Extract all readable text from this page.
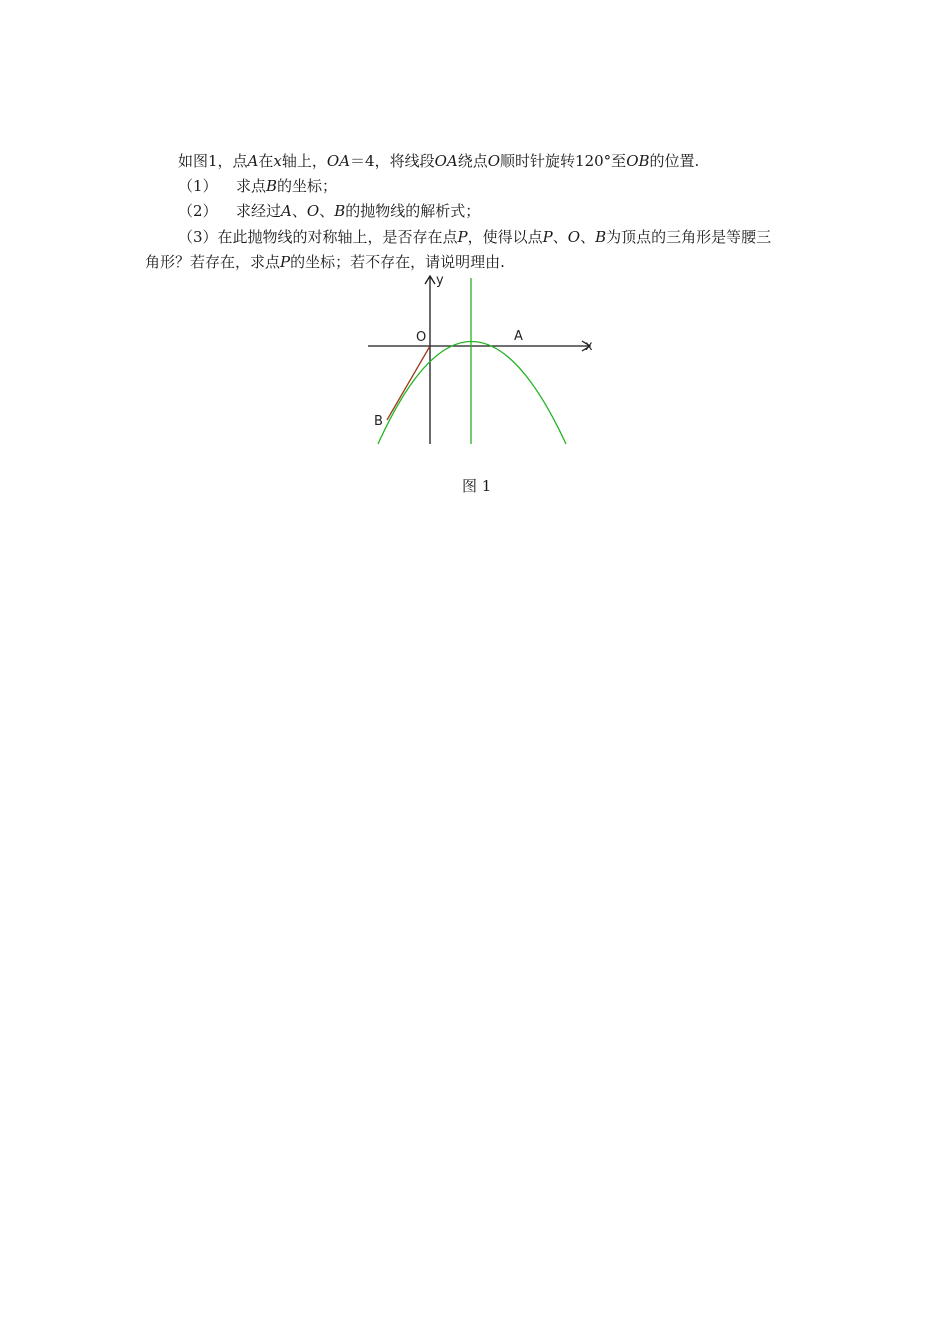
如图1，点A在x轴上，OA＝4，将线段OA绕点O顺时针旋转120°至OB的位置.
（1） 求点B的坐标；
（2） 求经过A、O、B的抛物线的解析式；
（3）在此抛物线的对称轴上，是否存在点P，使得以点P、O、B为顶点的三角形是等腰三
角形？若存在，求点P的坐标；若不存在，请说明理由.
y
x
O	A
B
图 1
